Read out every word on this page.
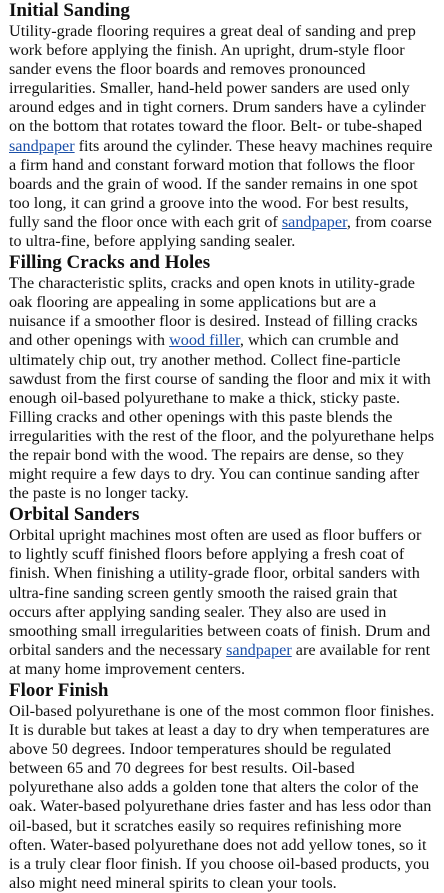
Initial Sanding

Utility-grade flooring requires a great deal of sanding and prep work before applying the finish. An upright, drum-style floor sander evens the floor boards and removes pronounced irregularities. Smaller, hand-held power sanders are used only around edges and in tight corners. Drum sanders have a cylinder on the bottom that rotates toward the floor. Belt- or tube-shaped sandpaper fits around the cylinder. These heavy machines require a firm hand and constant forward motion that follows the floor boards and the grain of wood. If the sander remains in one spot too long, it can grind a groove into the wood. For best results, fully sand the floor once with each grit of sandpaper, from coarse to ultra-fine, before applying sanding sealer.

Filling Cracks and Holes

The characteristic splits, cracks and open knots in utility-grade oak flooring are appealing in some applications but are a nuisance if a smoother floor is desired. Instead of filling cracks and other openings with wood filler, which can crumble and ultimately chip out, try another method. Collect fine-particle sawdust from the first course of sanding the floor and mix it with enough oil-based polyurethane to make a thick, sticky paste. Filling cracks and other openings with this paste blends the irregularities with the rest of the floor, and the polyurethane helps the repair bond with the wood. The repairs are dense, so they might require a few days to dry. You can continue sanding after the paste is no longer tacky.

Orbital Sanders

Orbital upright machines most often are used as floor buffers or to lightly scuff finished floors before applying a fresh coat of finish. When finishing a utility-grade floor, orbital sanders with ultra-fine sanding screen gently smooth the raised grain that occurs after applying sanding sealer. They also are used in smoothing small irregularities between coats of finish. Drum and orbital sanders and the necessary sandpaper are available for rent at many home improvement centers.

Floor Finish

Oil-based polyurethane is one of the most common floor finishes. It is durable but takes at least a day to dry when temperatures are above 50 degrees. Indoor temperatures should be regulated between 65 and 70 degrees for best results. Oil-based polyurethane also adds a golden tone that alters the color of the oak. Water-based polyurethane dries faster and has less odor than oil-based, but it scratches easily so requires refinishing more often. Water-based polyurethane does not add yellow tones, so it is a truly clear floor finish. If you choose oil-based products, you also might need mineral spirits to clean your tools.
